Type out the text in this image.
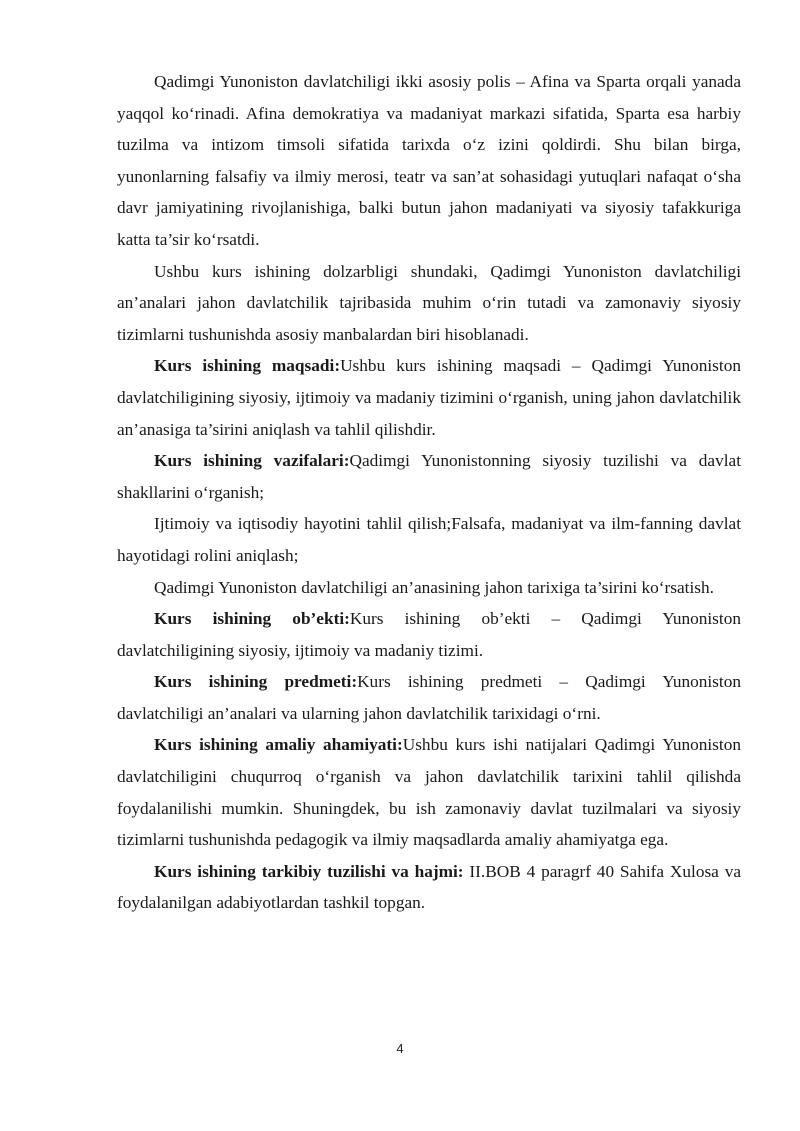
Qadimgi Yunoniston davlatchiligi ikki asosiy polis – Afina va Sparta orqali yanada yaqqol ko‘rinadi. Afina demokratiya va madaniyat markazi sifatida, Sparta esa harbiy tuzilma va intizom timsoli sifatida tarixda o‘z izini qoldirdi. Shu bilan birga, yunonlarning falsafiy va ilmiy merosi, teatr va san’at sohasidagi yutuqlari nafaqat o‘sha davr jamiyatining rivojlanishiga, balki butun jahon madaniyati va siyosiy tafakkuriga katta ta’sir ko‘rsatdi.

Ushbu kurs ishining dolzarbligi shundaki, Qadimgi Yunoniston davlatchiligi an’analari jahon davlatchilik tajribasida muhim o‘rin tutadi va zamonaviy siyosiy tizimlarni tushunishda asosiy manbalardan biri hisoblanadi.

Kurs ishining maqsadi:Ushbu kurs ishining maqsadi – Qadimgi Yunoniston davlatchiligining siyosiy, ijtimoiy va madaniy tizimini o‘rganish, uning jahon davlatchilik an’anasiga ta’sirini aniqlash va tahlil qilishdir.

Kurs ishining vazifalari:Qadimgi Yunonistonning siyosiy tuzilishi va davlat shakllarini o‘rganish;

Ijtimoiy va iqtisodiy hayotini tahlil qilish;Falsafa, madaniyat va ilm-fanning davlat hayotidagi rolini aniqlash;

Qadimgi Yunoniston davlatchiligi an’anasining jahon tarixiga ta’sirini ko‘rsatish.

Kurs ishining ob’ekti:Kurs ishining ob’ekti – Qadimgi Yunoniston davlatchiligining siyosiy, ijtimoiy va madaniy tizimi.

Kurs ishining predmeti:Kurs ishining predmeti – Qadimgi Yunoniston davlatchiligi an’analari va ularning jahon davlatchilik tarixidagi o‘rni.

Kurs ishining amaliy ahamiyati:Ushbu kurs ishi natijalari Qadimgi Yunoniston davlatchiligini chuqurroq o‘rganish va jahon davlatchilik tarixini tahlil qilishda foydalanilishi mumkin. Shuningdek, bu ish zamonaviy davlat tuzilmalari va siyosiy tizimlarni tushunishda pedagogik va ilmiy maqsadlarda amaliy ahamiyatga ega.

Kurs ishining tarkibiy tuzilishi va hajmi: II.BOB 4 paragrf 40 Sahifa Xulosa va foydalanilgan adabiyotlardan tashkil topgan.

4
